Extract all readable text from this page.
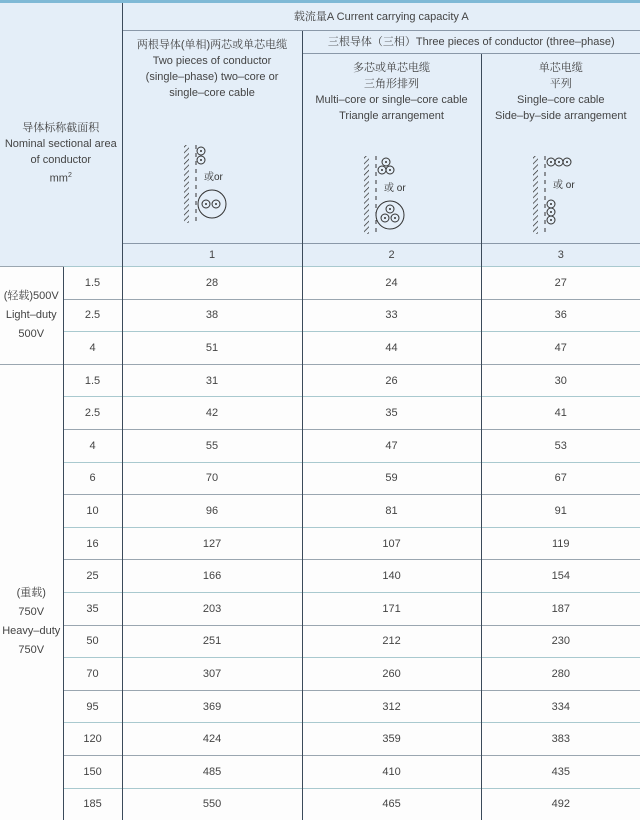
导体标称截面积
Nominal sectional area
of conductor
$mm^2$		载流量A Current carrying capacity A		

		两根导体(单相)两芯或单芯电缆
Two pieces of conductor
(single–phase) two–core or
single–core cable
或or	三根导体（三相）Three pieces of conductor (three–phase)	

多芯或单芯电缆
三角形排列
Multi–core or single–core cable
Triangle arrangement
或 or

单芯电缆
平列
Single–core cable
Side–by–side arrangement
或 or

		1	2	3

(轻载)500V
Light–duty
500V	1.5	28	24	27
	2.5	38	33	36
	4	51	44	47

(重载)
750V
Heavy–duty
750V	1.5	31	26	30
	2.5	42	35	41
	4	55	47	53
	6	70	59	67
	10	96	81	91
	16	127	107	119
	25	166	140	154
	35	203	171	187
	50	251	212	230
	70	307	260	280
	95	369	312	334
	120	424	359	383
	150	485	410	435
	185	550	465	492
